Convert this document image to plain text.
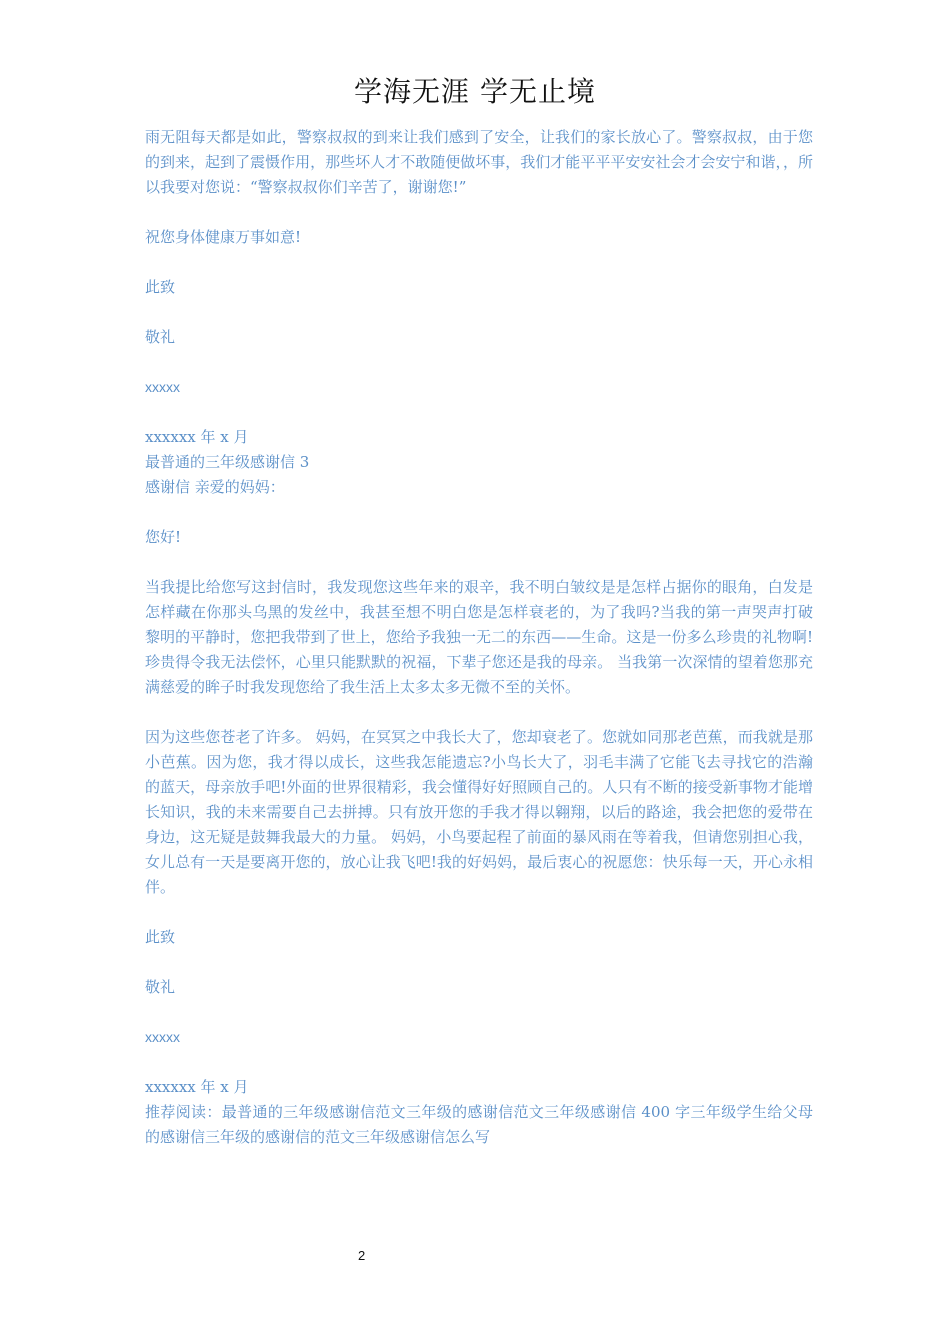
学海无涯 学无止境

雨无阻每天都是如此，警察叔叔的到来让我们感到了安全，让我们的家长放心了。警察叔叔，由于您的到来，起到了震慑作用，那些坏人才不敢随便做坏事，我们才能平平平安安社会才会安宁和谐，，所以我要对您说：“警察叔叔你们辛苦了，谢谢您!”

祝您身体健康万事如意!

此致

敬礼

xxxxx

xxxxxx 年 x 月

最普通的三年级感谢信 3

感谢信 亲爱的妈妈：

您好!

当我提比给您写这封信时，我发现您这些年来的艰辛，我不明白皱纹是是怎样占据你的眼角，白发是怎样藏在你那头乌黑的发丝中，我甚至想不明白您是怎样衰老的，为了我吗?当我的第一声哭声打破黎明的平静时，您把我带到了世上，您给予我独一无二的东西——生命。这是一份多么珍贵的礼物啊!珍贵得令我无法偿怀，心里只能默默的祝福，下辈子您还是我的母亲。 当我第一次深情的望着您那充满慈爱的眸子时我发现您给了我生活上太多太多无微不至的关怀。

因为这些您苍老了许多。 妈妈，在冥冥之中我长大了，您却衰老了。您就如同那老芭蕉，而我就是那小芭蕉。因为您，我才得以成长，这些我怎能遗忘?小鸟长大了，羽毛丰满了它能飞去寻找它的浩瀚的蓝天，母亲放手吧!外面的世界很精彩，我会懂得好好照顾自己的。人只有不断的接受新事物才能增长知识，我的未来需要自己去拼搏。只有放开您的手我才得以翱翔，以后的路途，我会把您的爱带在身边，这无疑是鼓舞我最大的力量。 妈妈，小鸟要起程了前面的暴风雨在等着我，但请您别担心我，女儿总有一天是要离开您的，放心让我飞吧!我的好妈妈，最后衷心的祝愿您：快乐每一天，开心永相伴。

此致

敬礼

xxxxx

xxxxxx 年 x 月

推荐阅读：最普通的三年级感谢信范文三年级的感谢信范文三年级感谢信 400 字三年级学生给父母的感谢信三年级的感谢信的范文三年级感谢信怎么写

2
